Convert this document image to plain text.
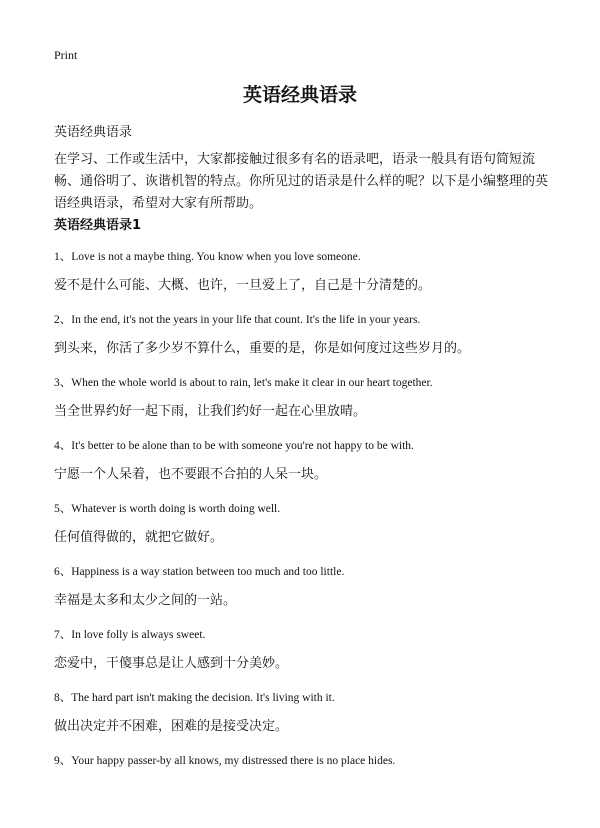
Print
英语经典语录
英语经典语录
在学习、工作或生活中，大家都接触过很多有名的语录吧，语录一般具有语句简短流畅、通俗明了、诙谐机智的特点。你所见过的语录是什么样的呢？以下是小编整理的英语经典语录，希望对大家有所帮助。
英语经典语录1
1、Love is not a maybe thing. You know when you love someone.
爱不是什么可能、大概、也许，一旦爱上了，自己是十分清楚的。
2、In the end, it's not the years in your life that count. It's the life in your years.
到头来，你活了多少岁不算什么，重要的是，你是如何度过这些岁月的。
3、When the whole world is about to rain, let's make it clear in our heart together.
当全世界约好一起下雨，让我们约好一起在心里放晴。
4、It's better to be alone than to be with someone you're not happy to be with.
宁愿一个人呆着，也不要跟不合拍的人呆一块。
5、Whatever is worth doing is worth doing well.
任何值得做的，就把它做好。
6、Happiness is a way station between too much and too little.
幸福是太多和太少之间的一站。
7、In love folly is always sweet.
恋爱中，干傻事总是让人感到十分美妙。
8、The hard part isn't making the decision. It's living with it.
做出决定并不困难，困难的是接受决定。
9、Your happy passer-by all knows, my distressed there is no place hides.
